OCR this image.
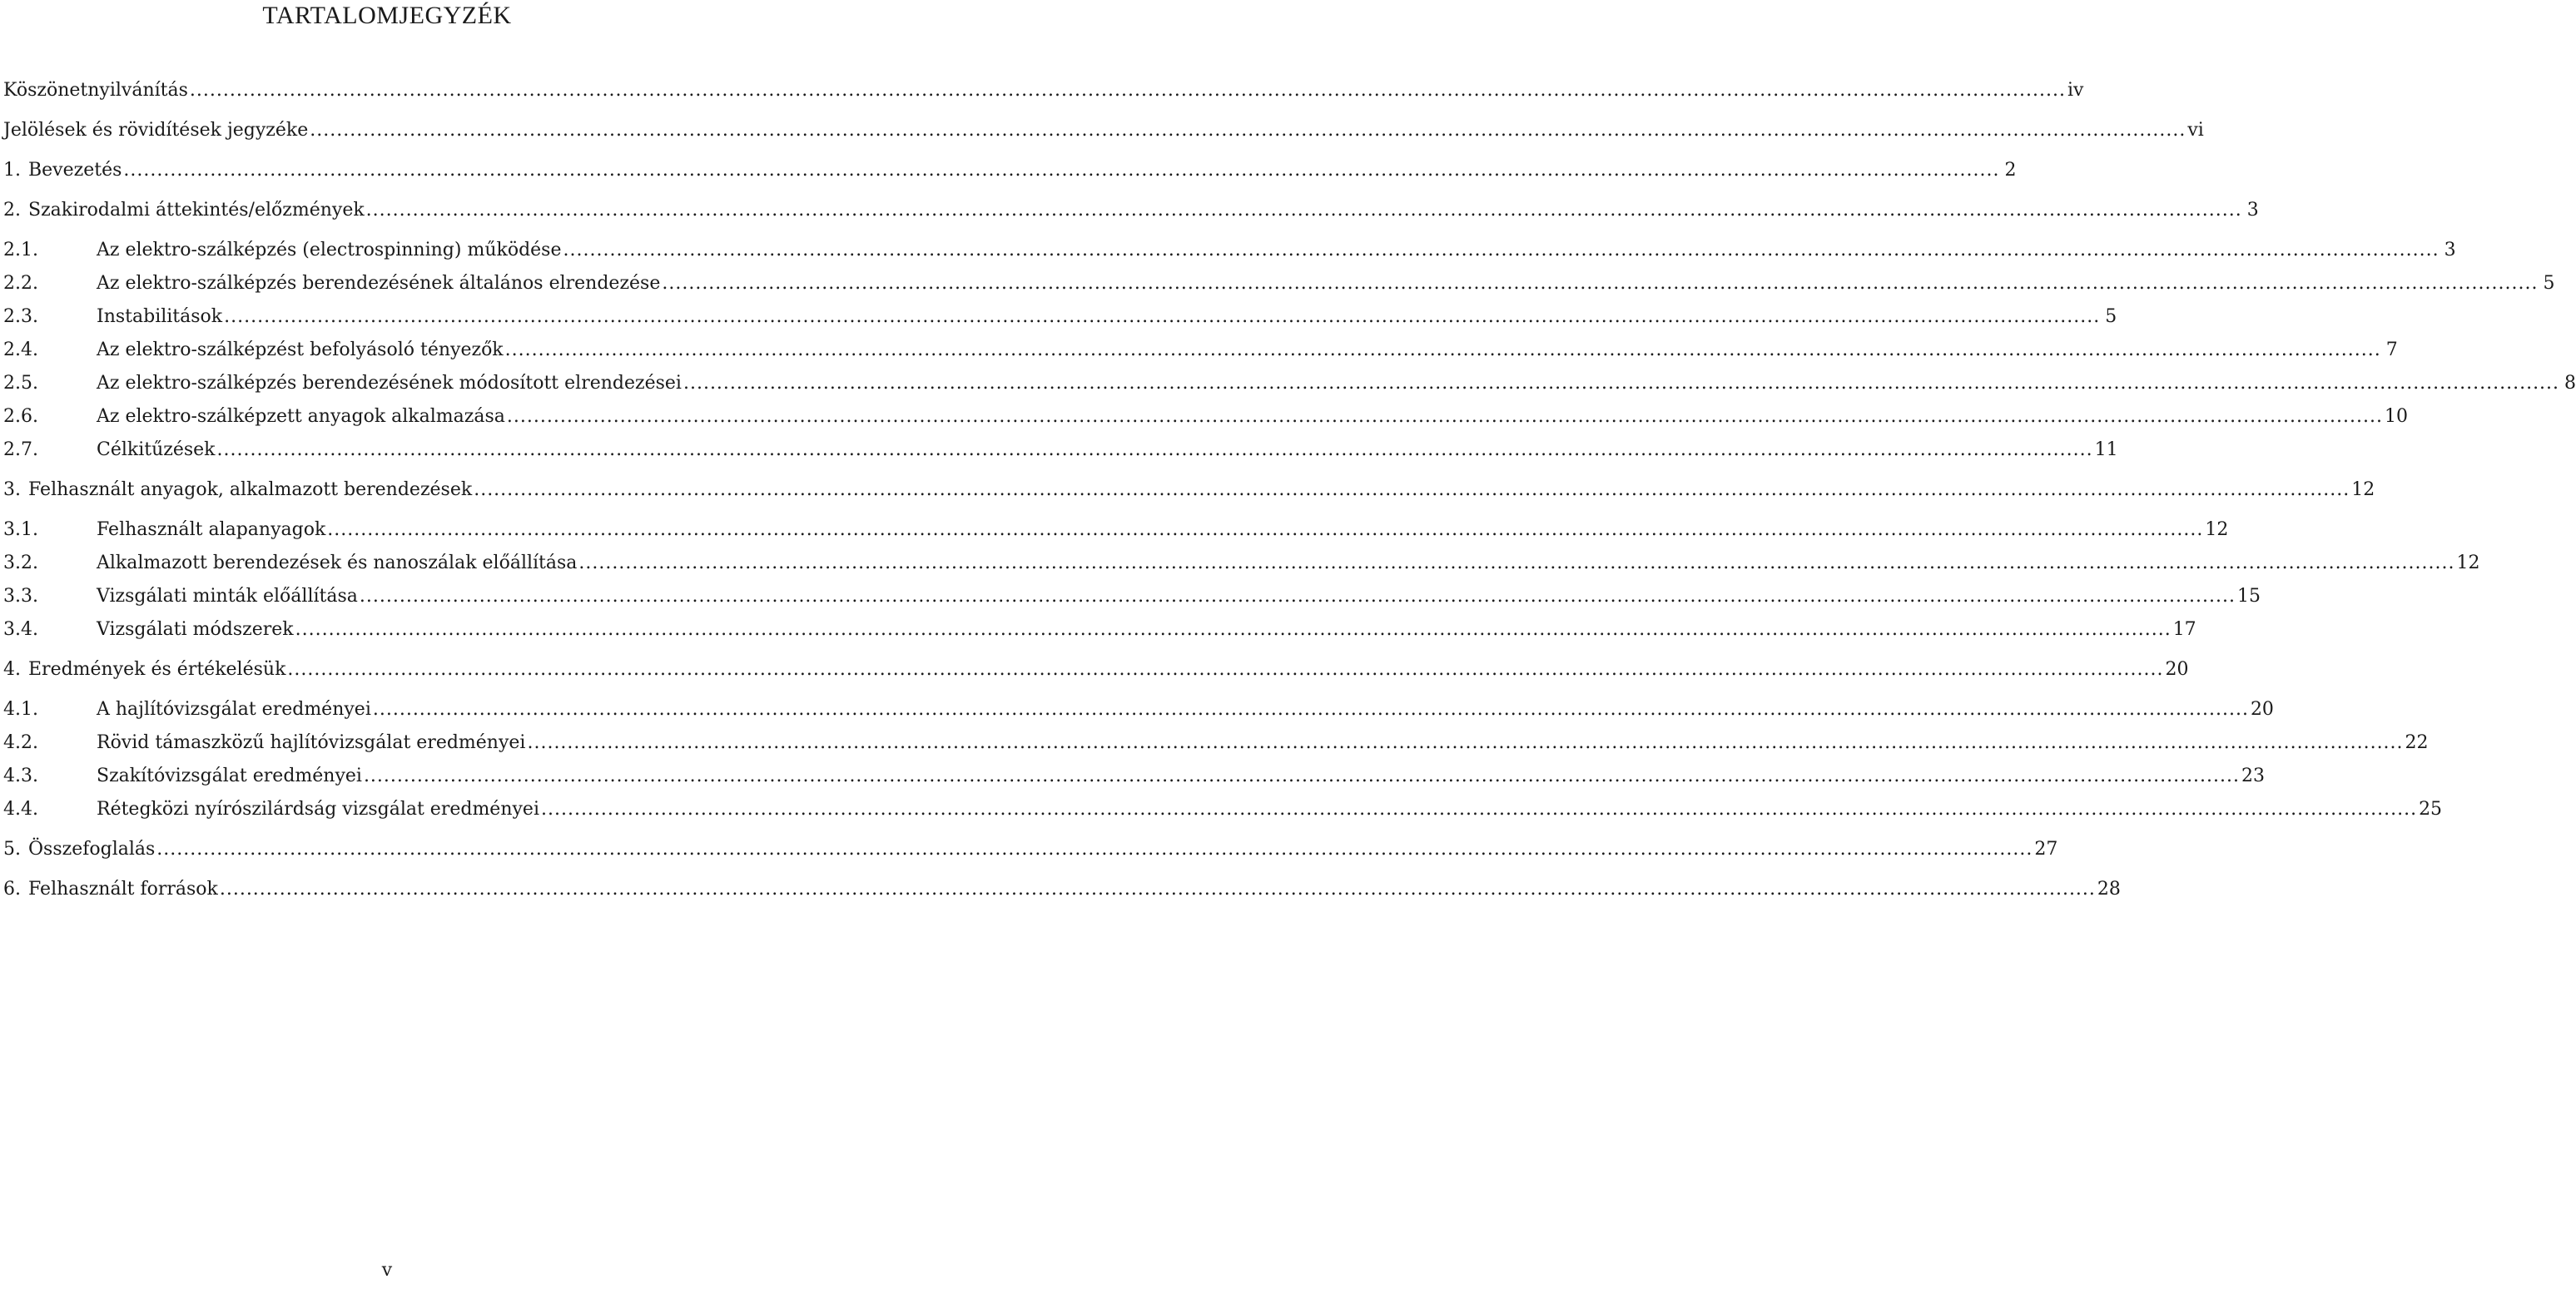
TARTALOMJEGYZÉK
Köszönetnyilvánítás .....	iv
Jelölések és rövidítések jegyzéke .....	vi
1. Bevezetés .....	2
2. Szakirodalmi áttekintés/előzmények .....	3
2.1.	Az elektro-szálképzés (electrospinning) működése .....	3
2.2.	Az elektro-szálképzés berendezésének általános elrendezése .....	5
2.3.	Instabilitások .....	5
2.4.	Az elektro-szálképzést befolyásoló tényezők .....	7
2.5.	Az elektro-szálképzés berendezésének módosított elrendezései .....	8
2.6.	Az elektro-szálképzett anyagok alkalmazása .....	10
2.7.	Célkitűzések .....	11
3. Felhasznált anyagok, alkalmazott berendezések .....	12
3.1.	Felhasznált alapanyagok .....	12
3.2.	Alkalmazott berendezések és nanoszálak előállítása .....	12
3.3.	Vizsgálati minták előállítása .....	15
3.4.	Vizsgálati módszerek .....	17
4. Eredmények és értékelésük .....	20
4.1.	A hajlítóvizsgálat eredményei .....	20
4.2.	Rövid támaszközű hajlítóvizsgálat eredményei .....	22
4.3.	Szakítóvizsgálat eredményei .....	23
4.4.	Rétegközi nyírószilárdság vizsgálat eredményei .....	25
5. Összefoglalás .....	27
6. Felhasznált források .....	28
v
